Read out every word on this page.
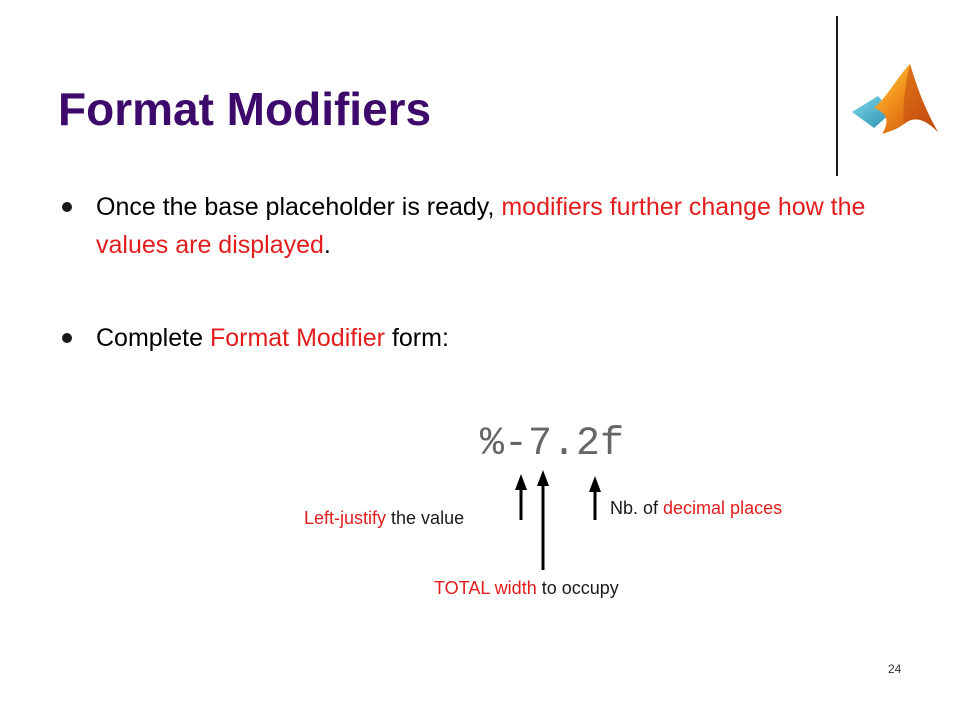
Format Modifiers
Once the base placeholder is ready, modifiers further change how the values are displayed.
Complete Format Modifier form:
%-7.2f
Left-justify the value	Nb. of decimal places
TOTAL width to occupy
24
